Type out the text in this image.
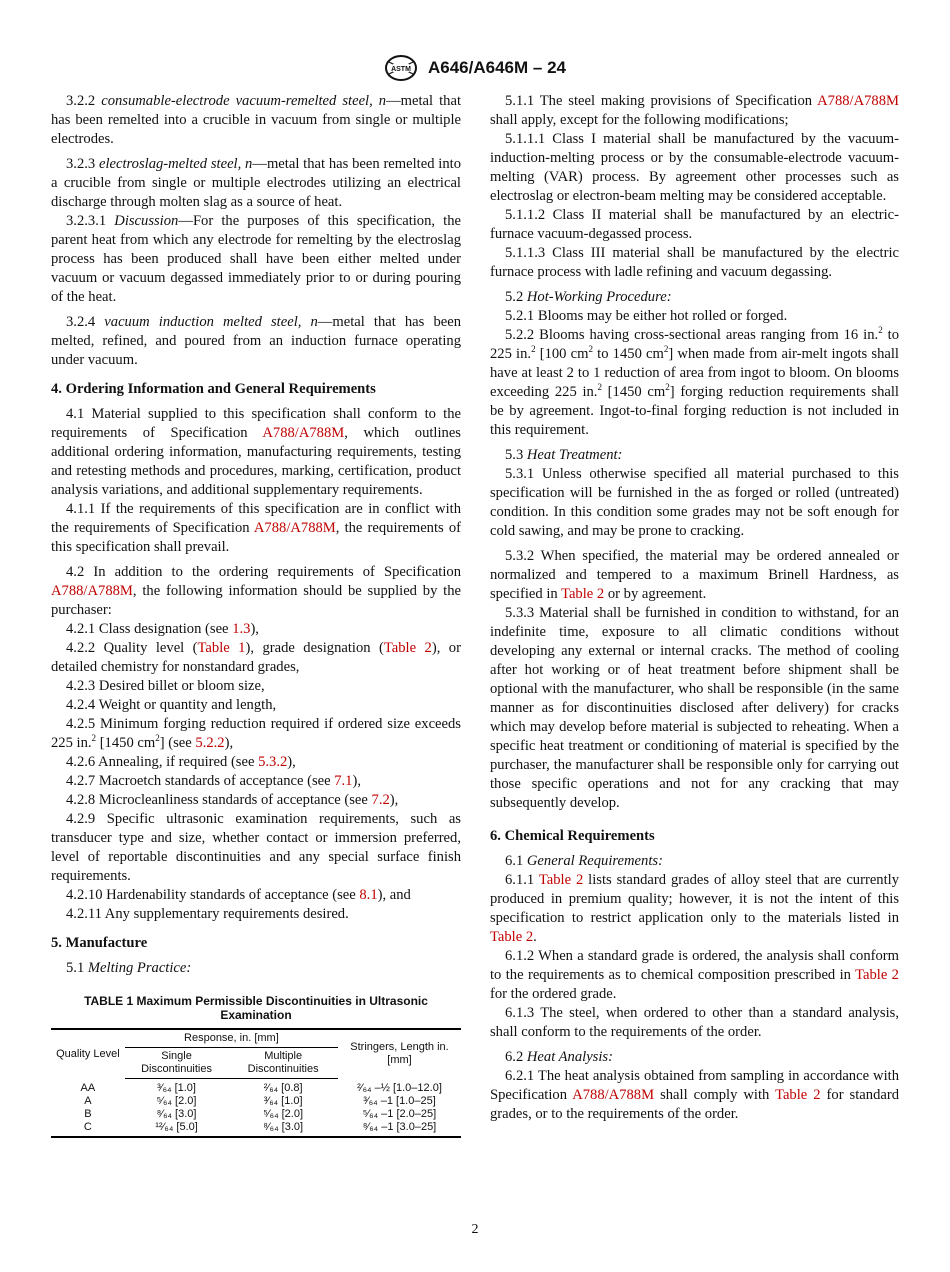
ASTM A646/A646M – 24

3.2.2 consumable-electrode vacuum-remelted steel, n—metal that has been remelted into a crucible in vacuum from single or multiple electrodes.

3.2.3 electroslag-melted steel, n—metal that has been remelted into a crucible from single or multiple electrodes utilizing an electrical discharge through molten slag as a source of heat.

3.2.3.1 Discussion—For the purposes of this specification, the parent heat from which any electrode for remelting by the electroslag process has been produced shall have been either melted under vacuum or vacuum degassed immediately prior to or during pouring of the heat.

3.2.4 vacuum induction melted steel, n—metal that has been melted, refined, and poured from an induction furnace operating under vacuum.

4. Ordering Information and General Requirements

4.1 Material supplied to this specification shall conform to the requirements of Specification A788/A788M, which outlines additional ordering information, manufacturing requirements, testing and retesting methods and procedures, marking, certification, product analysis variations, and additional supplementary requirements.

4.1.1 If the requirements of this specification are in conflict with the requirements of Specification A788/A788M, the requirements of this specification shall prevail.

4.2 In addition to the ordering requirements of Specification A788/A788M, the following information should be supplied by the purchaser:

4.2.1 Class designation (see 1.3),

4.2.2 Quality level (Table 1), grade designation (Table 2), or detailed chemistry for nonstandard grades,

4.2.3 Desired billet or bloom size,

4.2.4 Weight or quantity and length,

4.2.5 Minimum forging reduction required if ordered size exceeds 225 in.$^2$ [1450 $cm^2$] (see 5.2.2),

4.2.6 Annealing, if required (see 5.3.2),

4.2.7 Macroetch standards of acceptance (see 7.1),

4.2.8 Microcleanliness standards of acceptance (see 7.2),

4.2.9 Specific ultrasonic examination requirements, such as transducer type and size, whether contact or immersion preferred, level of reportable discontinuities and any special surface finish requirements.

4.2.10 Hardenability standards of acceptance (see 8.1), and

4.2.11 Any supplementary requirements desired.

5. Manufacture

5.1 Melting Practice:

TABLE 1 Maximum Permissible Discontinuities in Ultrasonic Examination
Quality Level	Response, in. [mm]		Stringers, Length in. [mm]
	Single Discontinuities	Multiple Discontinuities	
AA	³⁄₆₄ [1.0]	²⁄₆₄ [0.8]	²⁄₆₄ –½ [1.0–12.0]
A	⁵⁄₆₄ [2.0]	³⁄₆₄ [1.0]	³⁄₆₄ –1 [1.0–25]
B	⁸⁄₆₄ [3.0]	⁵⁄₆₄ [2.0]	⁵⁄₆₄ –1 [2.0–25]
C	¹²⁄₆₄ [5.0]	⁸⁄₆₄ [3.0]	⁸⁄₆₄ –1 [3.0–25]

5.1.1 The steel making provisions of Specification A788/A788M shall apply, except for the following modifications;

5.1.1.1 Class I material shall be manufactured by the vacuum-induction-melting process or by the consumable-electrode vacuum-melting (VAR) process. By agreement other processes such as electroslag or electron-beam melting may be considered acceptable.

5.1.1.2 Class II material shall be manufactured by an electric-furnace vacuum-degassed process.

5.1.1.3 Class III material shall be manufactured by the electric furnace process with ladle refining and vacuum degassing.

5.2 Hot-Working Procedure:

5.2.1 Blooms may be either hot rolled or forged.

5.2.2 Blooms having cross-sectional areas ranging from 16 in.$^2$ to 225 in.$^2$ [100 $cm^2$ to 1450 $cm^2$] when made from air-melt ingots shall have at least 2 to 1 reduction of area from ingot to bloom. On blooms exceeding 225 in.$^2$ [1450 $cm^2$] forging reduction requirements shall be by agreement. Ingot-to-final forging reduction is not included in this requirement.

5.3 Heat Treatment:

5.3.1 Unless otherwise specified all material purchased to this specification will be furnished in the as forged or rolled (untreated) condition. In this condition some grades may not be soft enough for cold sawing, and may be prone to cracking.

5.3.2 When specified, the material may be ordered annealed or normalized and tempered to a maximum Brinell Hardness, as specified in Table 2 or by agreement.

5.3.3 Material shall be furnished in condition to withstand, for an indefinite time, exposure to all climatic conditions without developing any external or internal cracks. The method of cooling after hot working or of heat treatment before shipment shall be optional with the manufacturer, who shall be responsible (in the same manner as for discontinuities disclosed after delivery) for cracks which may develop before material is subjected to reheating. When a specific heat treatment or conditioning of material is specified by the purchaser, the manufacturer shall be responsible only for carrying out those specific operations and not for any cracking that may subsequently develop.

6. Chemical Requirements

6.1 General Requirements:

6.1.1 Table 2 lists standard grades of alloy steel that are currently produced in premium quality; however, it is not the intent of this specification to restrict application only to the materials listed in Table 2.

6.1.2 When a standard grade is ordered, the analysis shall conform to the requirements as to chemical composition prescribed in Table 2 for the ordered grade.

6.1.3 The steel, when ordered to other than a standard analysis, shall conform to the requirements of the order.

6.2 Heat Analysis:

6.2.1 The heat analysis obtained from sampling in accordance with Specification A788/A788M shall comply with Table 2 for standard grades, or to the requirements of the order.

2
